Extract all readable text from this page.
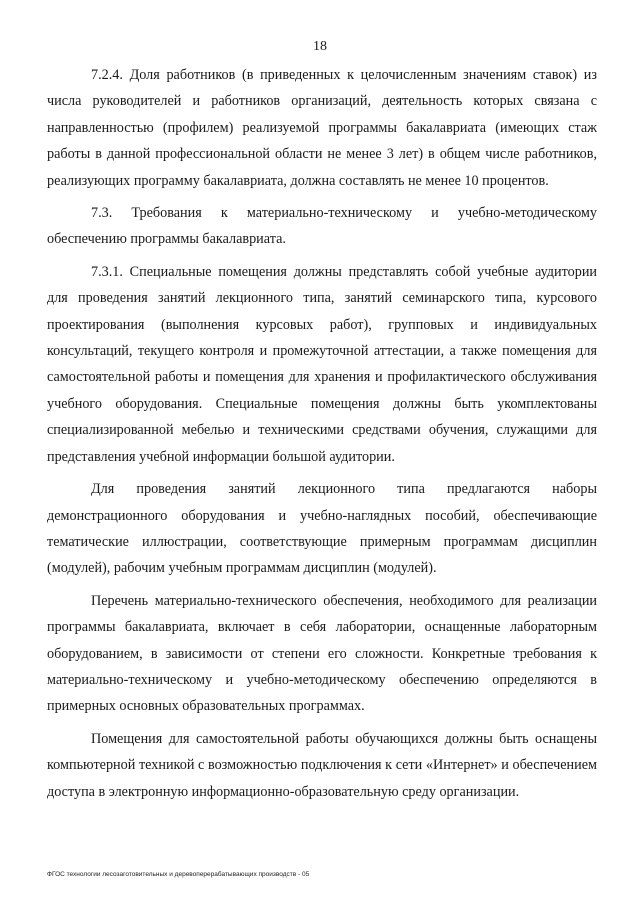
18

7.2.4. Доля работников (в приведенных к целочисленным значениям ставок) из числа руководителей и работников организаций, деятельность которых связана с направленностью (профилем) реализуемой программы бакалавриата (имеющих стаж работы в данной профессиональной области не менее 3 лет) в общем числе работников, реализующих программу бакалавриата, должна составлять не менее 10 процентов.

7.3. Требования к материально-техническому и учебно-методическому обеспечению программы бакалавриата.

7.3.1. Специальные помещения должны представлять собой учебные аудитории для проведения занятий лекционного типа, занятий семинарского типа, курсового проектирования (выполнения курсовых работ), групповых и индивидуальных консультаций, текущего контроля и промежуточной аттестации, а также помещения для самостоятельной работы и помещения для хранения и профилактического обслуживания учебного оборудования. Специальные помещения должны быть укомплектованы специализированной мебелью и техническими средствами обучения, служащими для представления учебной информации большой аудитории.

Для проведения занятий лекционного типа предлагаются наборы демонстрационного оборудования и учебно-наглядных пособий, обеспечивающие тематические иллюстрации, соответствующие примерным программам дисциплин (модулей), рабочим учебным программам дисциплин (модулей).

Перечень материально-технического обеспечения, необходимого для реализации программы бакалавриата, включает в себя лаборатории, оснащенные лабораторным оборудованием, в зависимости от степени его сложности. Конкретные требования к материально-техническому и учебно-методическому обеспечению определяются в примерных основных образовательных программах.

Помещения для самостоятельной работы обучающихся должны быть оснащены компьютерной техникой с возможностью подключения к сети «Интернет» и обеспечением доступа в электронную информационно-образовательную среду организации.

ФГОС технологии лесозаготовительных и деревоперерабатывающих производств - 05
